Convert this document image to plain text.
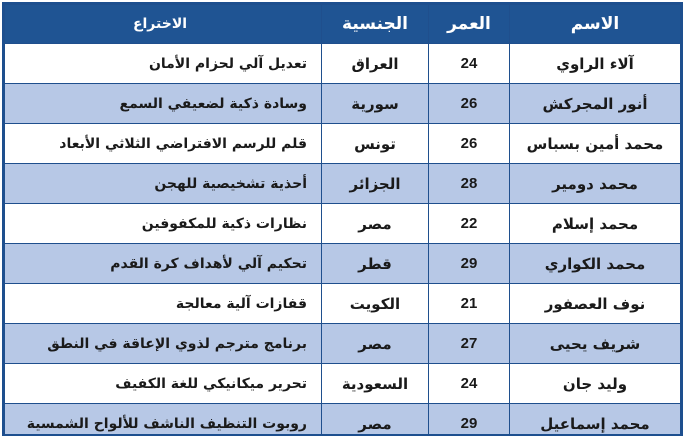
الاسم	العمر	الجنسية	الاختراع
آلاء الراوي	24	العراق	تعديل آلي لحزام الأمان
أنور المجركش	26	سورية	وسادة ذكية لضعيفي السمع
محمد أمين بسباس	26	تونس	قلم للرسم الافتراضي الثلاثي الأبعاد
محمد دومير	28	الجزائر	أحذية تشخيصية للهجن
محمد إسلام	22	مصر	نظارات ذكية للمكفوفين
محمد الكواري	29	قطر	تحكيم آلي لأهداف كرة القدم
نوف العصفور	21	الكويت	قفازات آلية معالجة
شريف يحيى	27	مصر	برنامج مترجم لذوي الإعاقة في النطق
وليد جان	24	السعودية	تحرير ميكانيكي للغة الكفيف
محمد إسماعيل	29	مصر	روبوت التنظيف الناشف للألواح الشمسية
